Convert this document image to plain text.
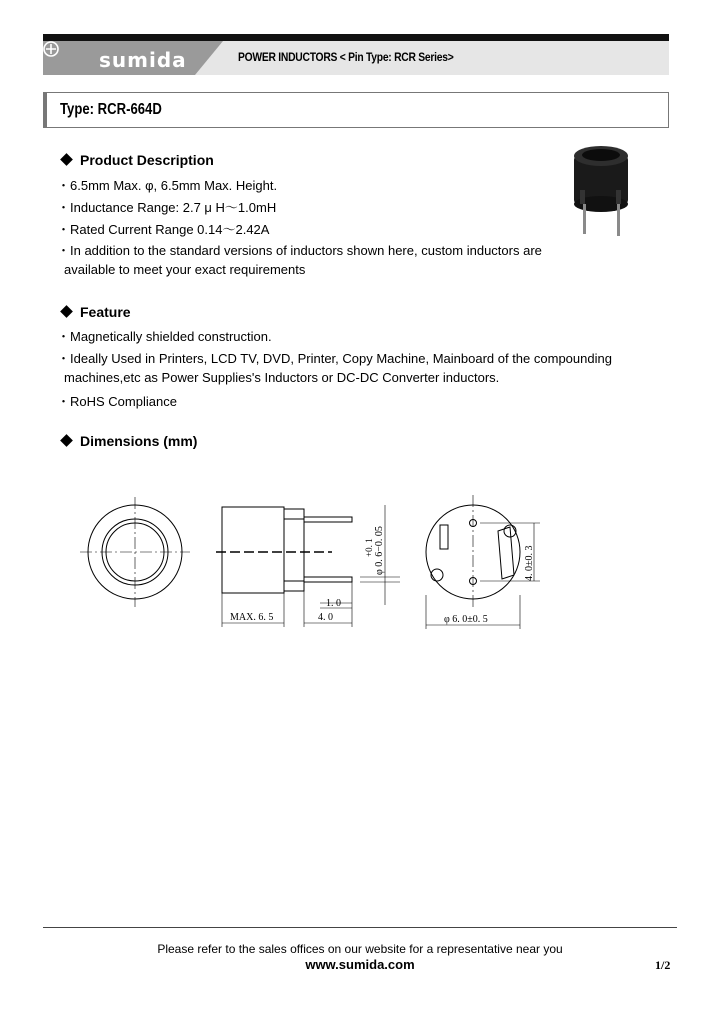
sumida	POWER INDUCTORS < Pin Type: RCR Series>
Type: RCR-664D
Product Description
・6.5mm Max. φ, 6.5mm Max. Height.
・Inductance Range: 2.7 μ H～1.0mH
・Rated Current Range 0.14～2.42A
・In addition to the standard versions of inductors shown here, custom inductors are
available to meet your exact requirements
Feature
・Magnetically shielded construction.
・Ideally Used in Printers, LCD TV, DVD, Printer, Copy Machine, Mainboard of the compounding
machines,etc as Power Supplies's Inductors or DC-DC Converter inductors.
・RoHS Compliance
Dimensions (mm)
MAX. 6. 5	4. 0
1. 0
+0. 1 φ 0. 6−0. 05	4. 0±0. 3
φ 6. 0±0. 5
Please refer to the sales offices on our website for a representative near you
www.sumida.com	1/2
